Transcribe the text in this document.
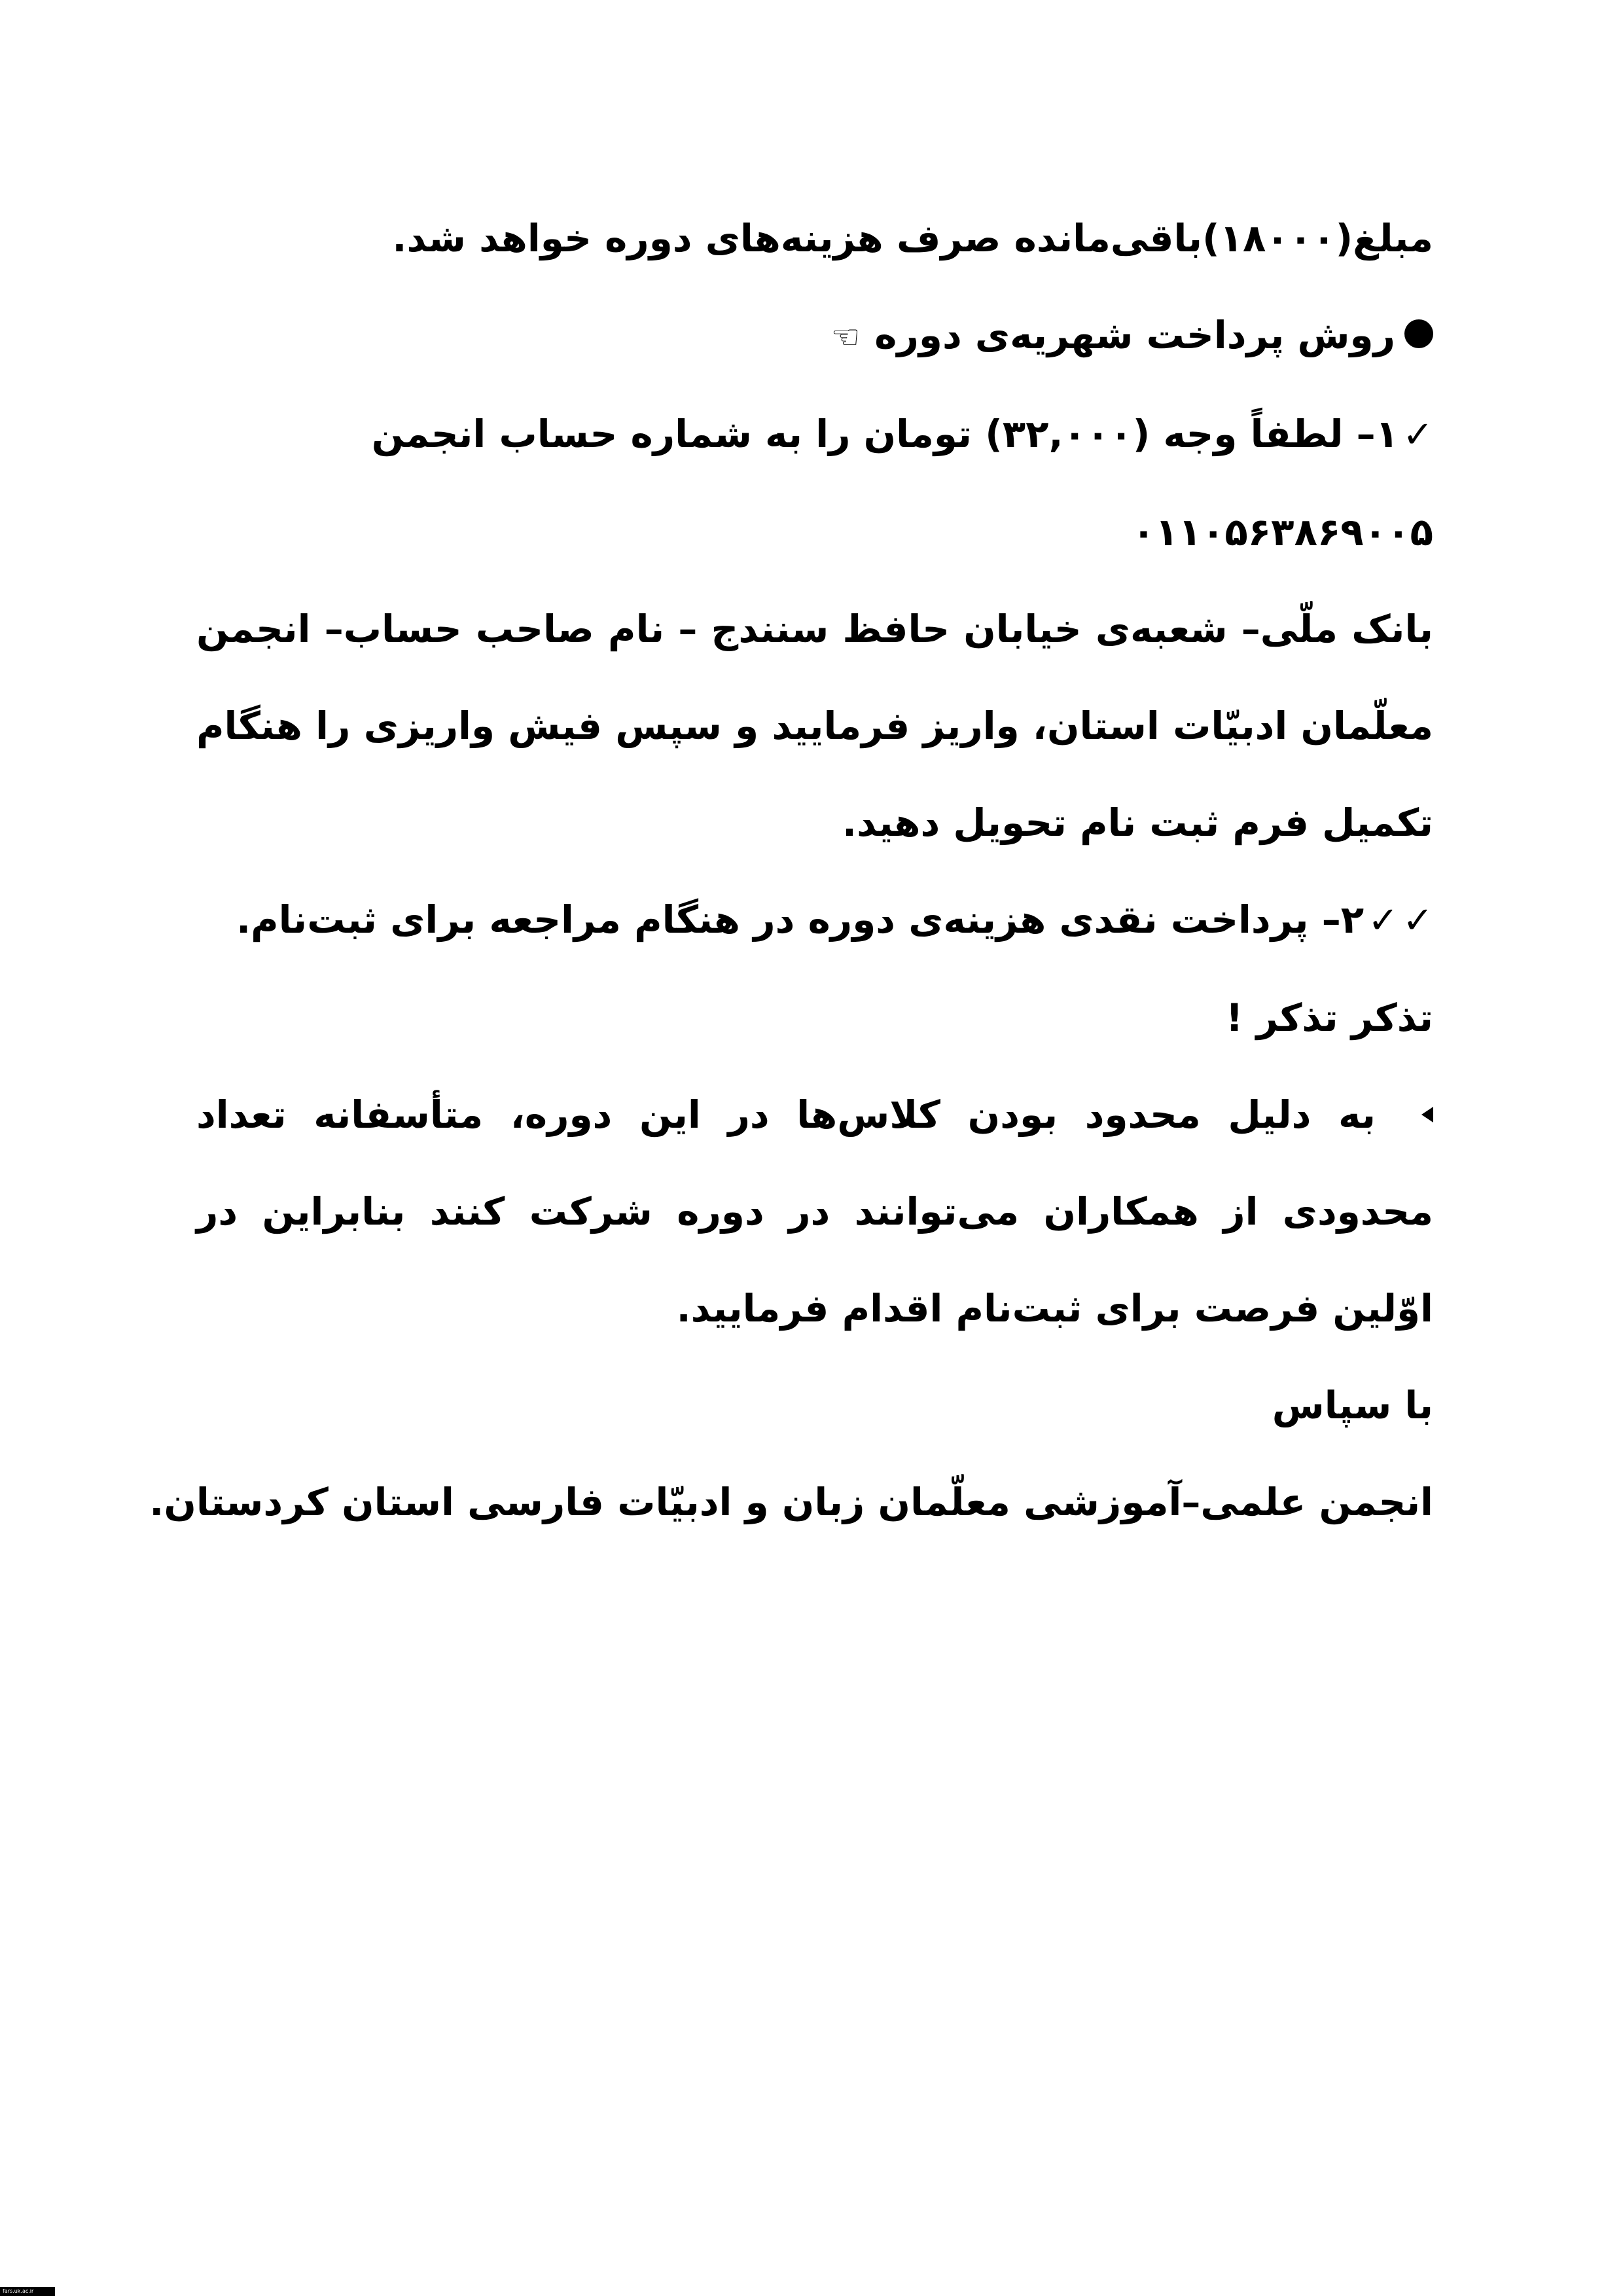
مبلغ(۱۸۰۰۰)باقی‌مانده صرف هزینه‌های دوره خواهد شد.
روش پرداخت شهریه‌ی دوره☜
✓۱– لطفاً وجه (۳۲,۰۰۰) تومان را به شماره حساب انجمن
۰۱۱۰۵۶۳۸۶۹۰۰۵
بانک ملّی– شعبه‌ی خیابان حافظ سنندج – نام صاحب حساب– انجمن معلّمان ادبیّات استان، واریز فرمایید و سپس فیش واریزی را هنگام تکمیل فرم ثبت نام تحویل دهید.
✓✓۲– پرداخت نقدی هزینه‌ی دوره در هنگام مراجعه برای ثبت‌نام.
تذکر تذکر !
به دلیل محدود بودن کلاس‌ها در این دوره، متأسفانه تعداد محدودی از همکاران می‌توانند در دوره شرکت کنند بنابراین در اوّلین فرصت برای ثبت‌نام اقدام فرمایید.
با سپاس
انجمن علمی–آموزشی معلّمان زبان و ادبیّات فارسی استان کردستان.
fars.uk.ac.ir
